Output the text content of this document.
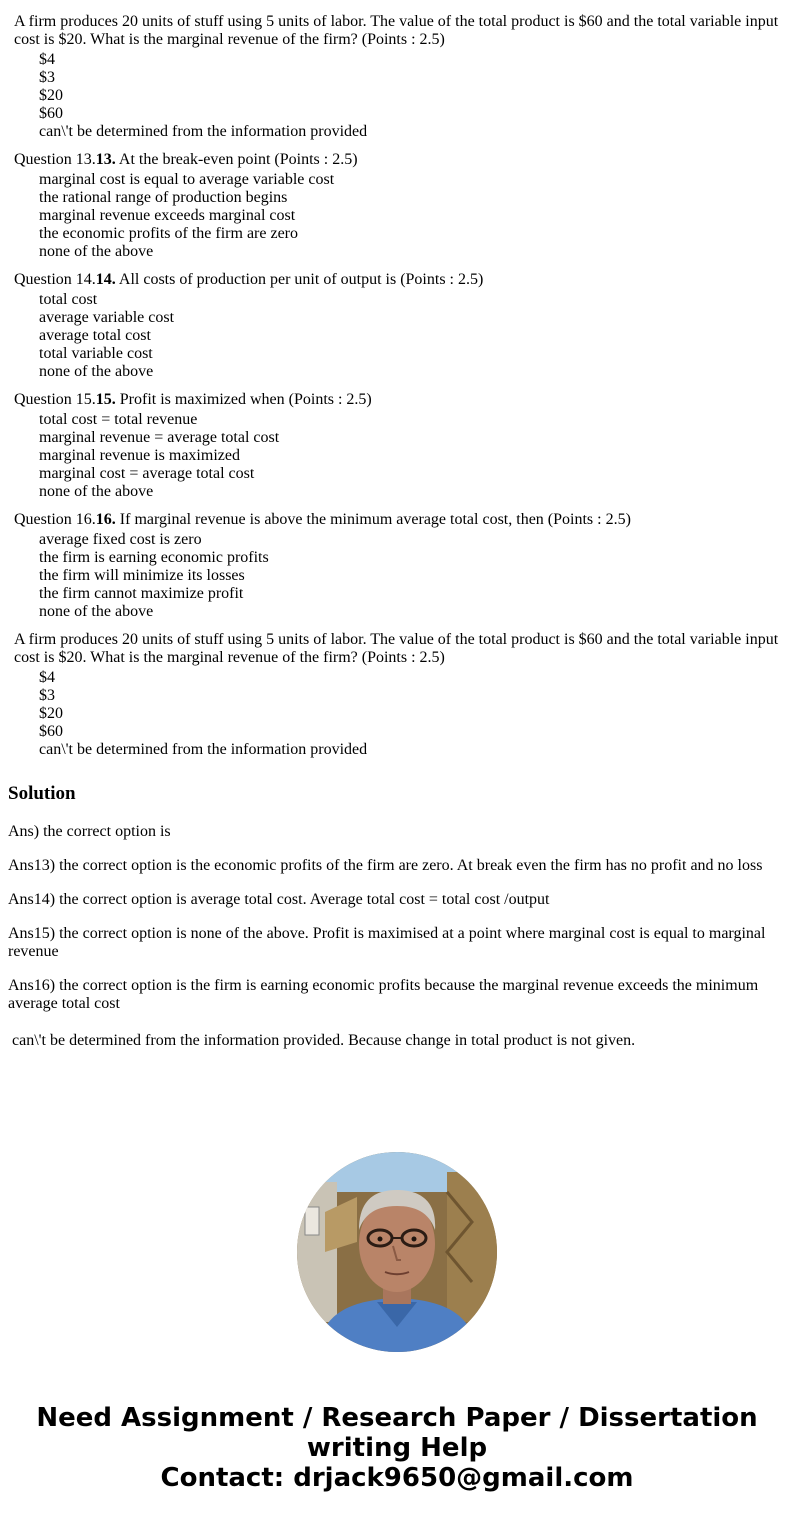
A firm produces 20 units of stuff using 5 units of labor. The value of the total product is $60 and the total variable input cost is $20. What is the marginal revenue of the firm? (Points : 2.5)
$4
$3
$20
$60
can\'t be determined from the information provided
Question 13.13. At the break-even point (Points : 2.5)
marginal cost is equal to average variable cost
the rational range of production begins
marginal revenue exceeds marginal cost
the economic profits of the firm are zero
none of the above
Question 14.14. All costs of production per unit of output is (Points : 2.5)
total cost
average variable cost
average total cost
total variable cost
none of the above
Question 15.15. Profit is maximized when (Points : 2.5)
total cost = total revenue
marginal revenue = average total cost
marginal revenue is maximized
marginal cost = average total cost
none of the above
Question 16.16. If marginal revenue is above the minimum average total cost, then (Points : 2.5)
average fixed cost is zero
the firm is earning economic profits
the firm will minimize its losses
the firm cannot maximize profit
none of the above
A firm produces 20 units of stuff using 5 units of labor. The value of the total product is $60 and the total variable input cost is $20. What is the marginal revenue of the firm? (Points : 2.5)
$4
$3
$20
$60
can\'t be determined from the information provided
Solution

Ans) the correct option is

Ans13) the correct option is the economic profits of the firm are zero. At break even the firm has no profit and no loss

Ans14) the correct option is average total cost. Average total cost = total cost /output

Ans15) the correct option is none of the above. Profit is maximised at a point where marginal cost is equal to marginal revenue

Ans16) the correct option is the firm is earning economic profits because the marginal revenue exceeds the minimum average total cost

can\'t be determined from the information provided. Because change in total product is not given.

Need Assignment / Research Paper / Dissertation
writing Help
Contact: drjack9650@gmail.com
